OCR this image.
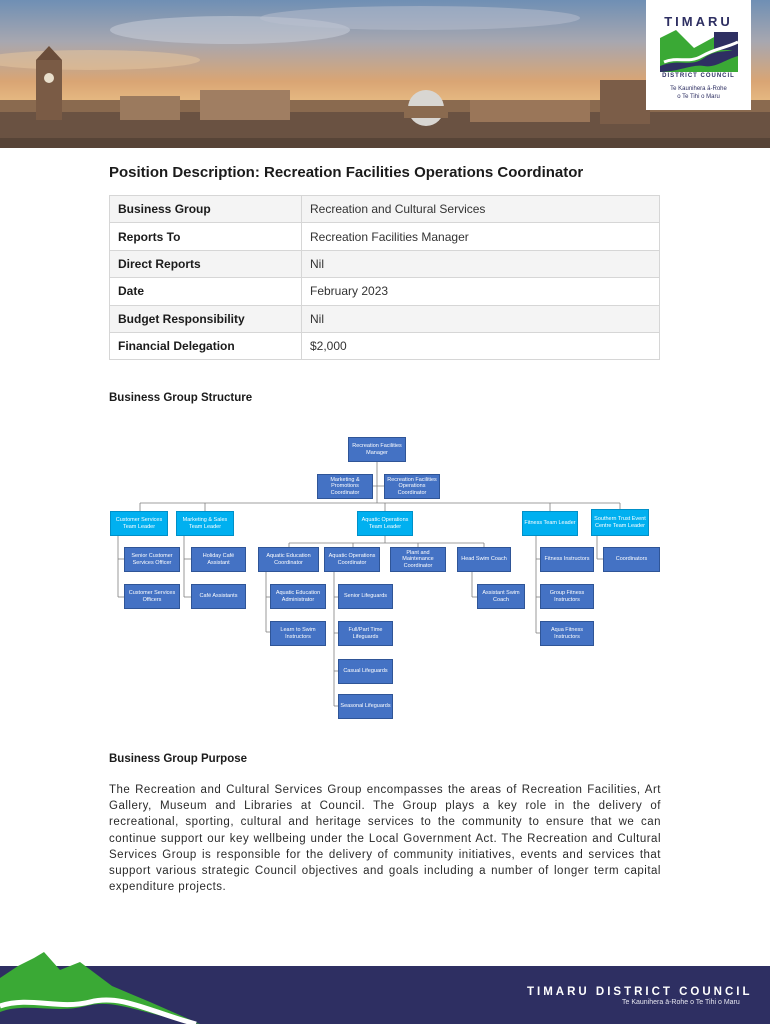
TIMARU
DISTRICT COUNCIL
Te Kaunihera ā-Rohe
o Te Tihi o Maru
Position Description: Recreation Facilities Operations Coordinator
Business Group	Recreation and Cultural Services
Reports To	Recreation Facilities Manager
Direct Reports	Nil
Date	February 2023
Budget Responsibility	Nil
Financial Delegation	$2,000
Business Group Structure
Recreation Facilities Manager
Marketing & Promotions Coordinator
Recreation Facilities Operations Coordinator
Customer Services Team Leader
Marketing & Sales Team Leader
Aquatic Operations Team Leader
Fitness Team Leader
Southern Trust Event Centre Team Leader
Senior Customer Services Officer
Customer Services Officers
Holiday Café Assistant
Café Assistants
Aquatic Education Coordinator
Aquatic Education Administrator
Learn to Swim Instructors
Aquatic Operations Coordinator
Senior Lifeguards
Full/Part Time Lifeguards
Casual Lifeguards
Seasonal Lifeguards
Plant and Maintenance Coordinator
Head Swim Coach
Assistant Swim Coach
Fitness Instructors
Group Fitness Instructors
Aqua Fitness Instructors
Coordinators
Business Group Purpose
The Recreation and Cultural Services Group encompasses the areas of Recreation Facilities, Art Gallery, Museum and Libraries at Council. The Group plays a key role in the delivery of recreational, sporting, cultural and heritage services to the community to ensure that we can continue support our key wellbeing under the Local Government Act. The Recreation and Cultural Services Group is responsible for the delivery of community initiatives, events and services that support various strategic Council objectives and goals including a number of longer term capital expenditure projects.
TIMARU DISTRICT COUNCIL
Te Kaunihera ā-Rohe o Te Tihi o Maru
